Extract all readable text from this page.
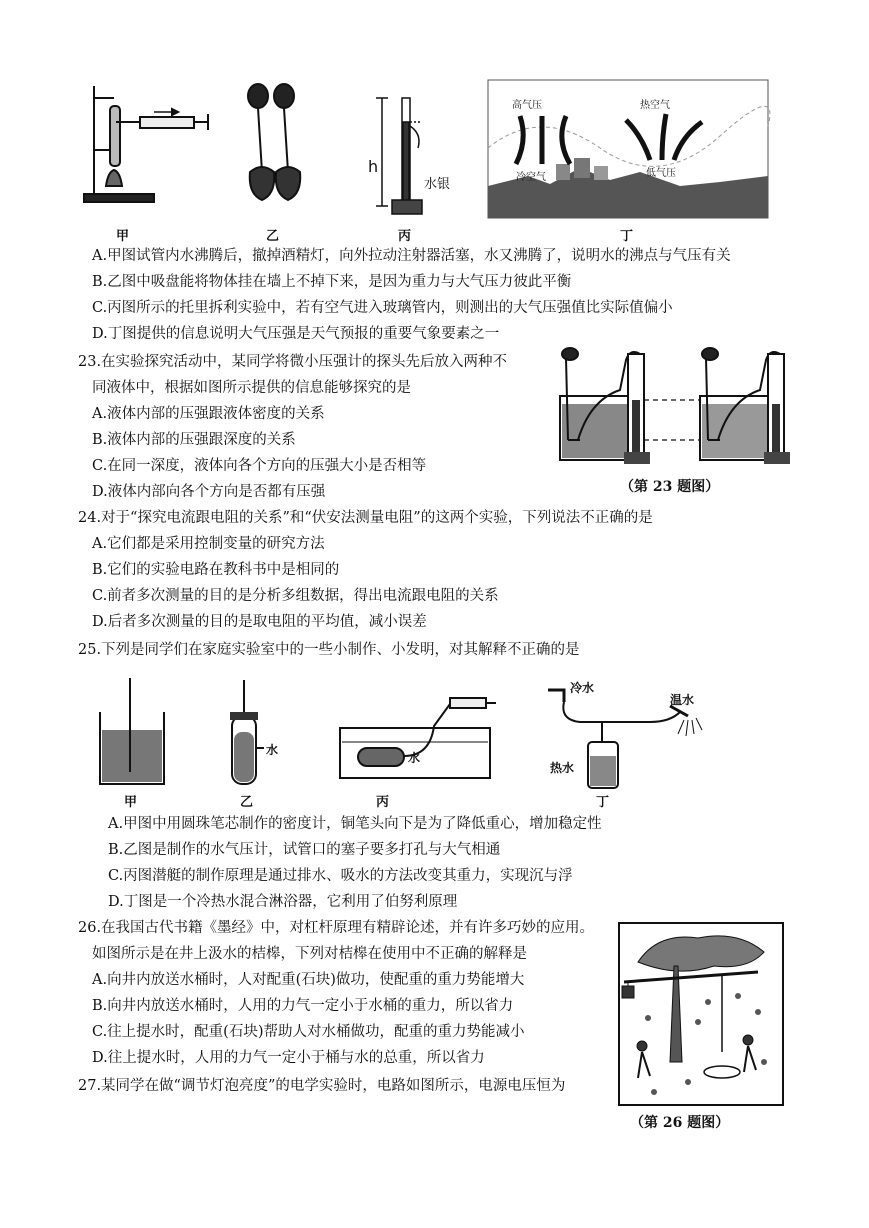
h
水银
高气压	热空气
冷空气	低气压
甲	乙	丙	丁
A.甲图试管内水沸腾后，撤掉酒精灯，向外拉动注射器活塞，水又沸腾了，说明水的沸点与气压有关
B.乙图中吸盘能将物体挂在墙上不掉下来，是因为重力与大气压力彼此平衡
C.丙图所示的托里拆利实验中，若有空气进入玻璃管内，则测出的大气压强值比实际值偏小
D.丁图提供的信息说明大气压强是天气预报的重要气象要素之一
23.在实验探究活动中，某同学将微小压强计的探头先后放入两种不
同液体中，根据如图所示提供的信息能够探究的是
A.液体内部的压强跟液体密度的关系
B.液体内部的压强跟深度的关系
C.在同一深度，液体向各个方向的压强大小是否相等
D.液体内部向各个方向是否都有压强	（第 23 题图）
24.对于“探究电流跟电阻的关系”和“伏安法测量电阻”的这两个实验，下列说法不正确的是
A.它们都是采用控制变量的研究方法
B.它们的实验电路在教科书中是相同的
C.前者多次测量的目的是分析多组数据，得出电流跟电阻的关系
D.后者多次测量的目的是取电阻的平均值，减小误差
25.下列是同学们在家庭实验室中的一些小制作、小发明，对其解释不正确的是
甲	乙	丙	丁
水
水
冷水
温水
热水
A.甲图中用圆珠笔芯制作的密度计，铜笔头向下是为了降低重心，增加稳定性
B.乙图是制作的水气压计，试管口的塞子要多打孔与大气相通
C.丙图潜艇的制作原理是通过排水、吸水的方法改变其重力，实现沉与浮
D.丁图是一个冷热水混合淋浴器，它利用了伯努利原理
26.在我国古代书籍《墨经》中，对杠杆原理有精辟论述，并有许多巧妙的应用。
如图所示是在井上汲水的桔槔，下列对桔槔在使用中不正确的解释是
A.向井内放送水桶时，人对配重(石块)做功，使配重的重力势能增大
B.向井内放送水桶时，人用的力气一定小于水桶的重力，所以省力
C.往上提水时，配重(石块)帮助人对水桶做功，配重的重力势能减小
D.往上提水时，人用的力气一定小于桶与水的总重，所以省力
（第 26 题图）
27.某同学在做“调节灯泡亮度”的电学实验时，电路如图所示，电源电压恒为
